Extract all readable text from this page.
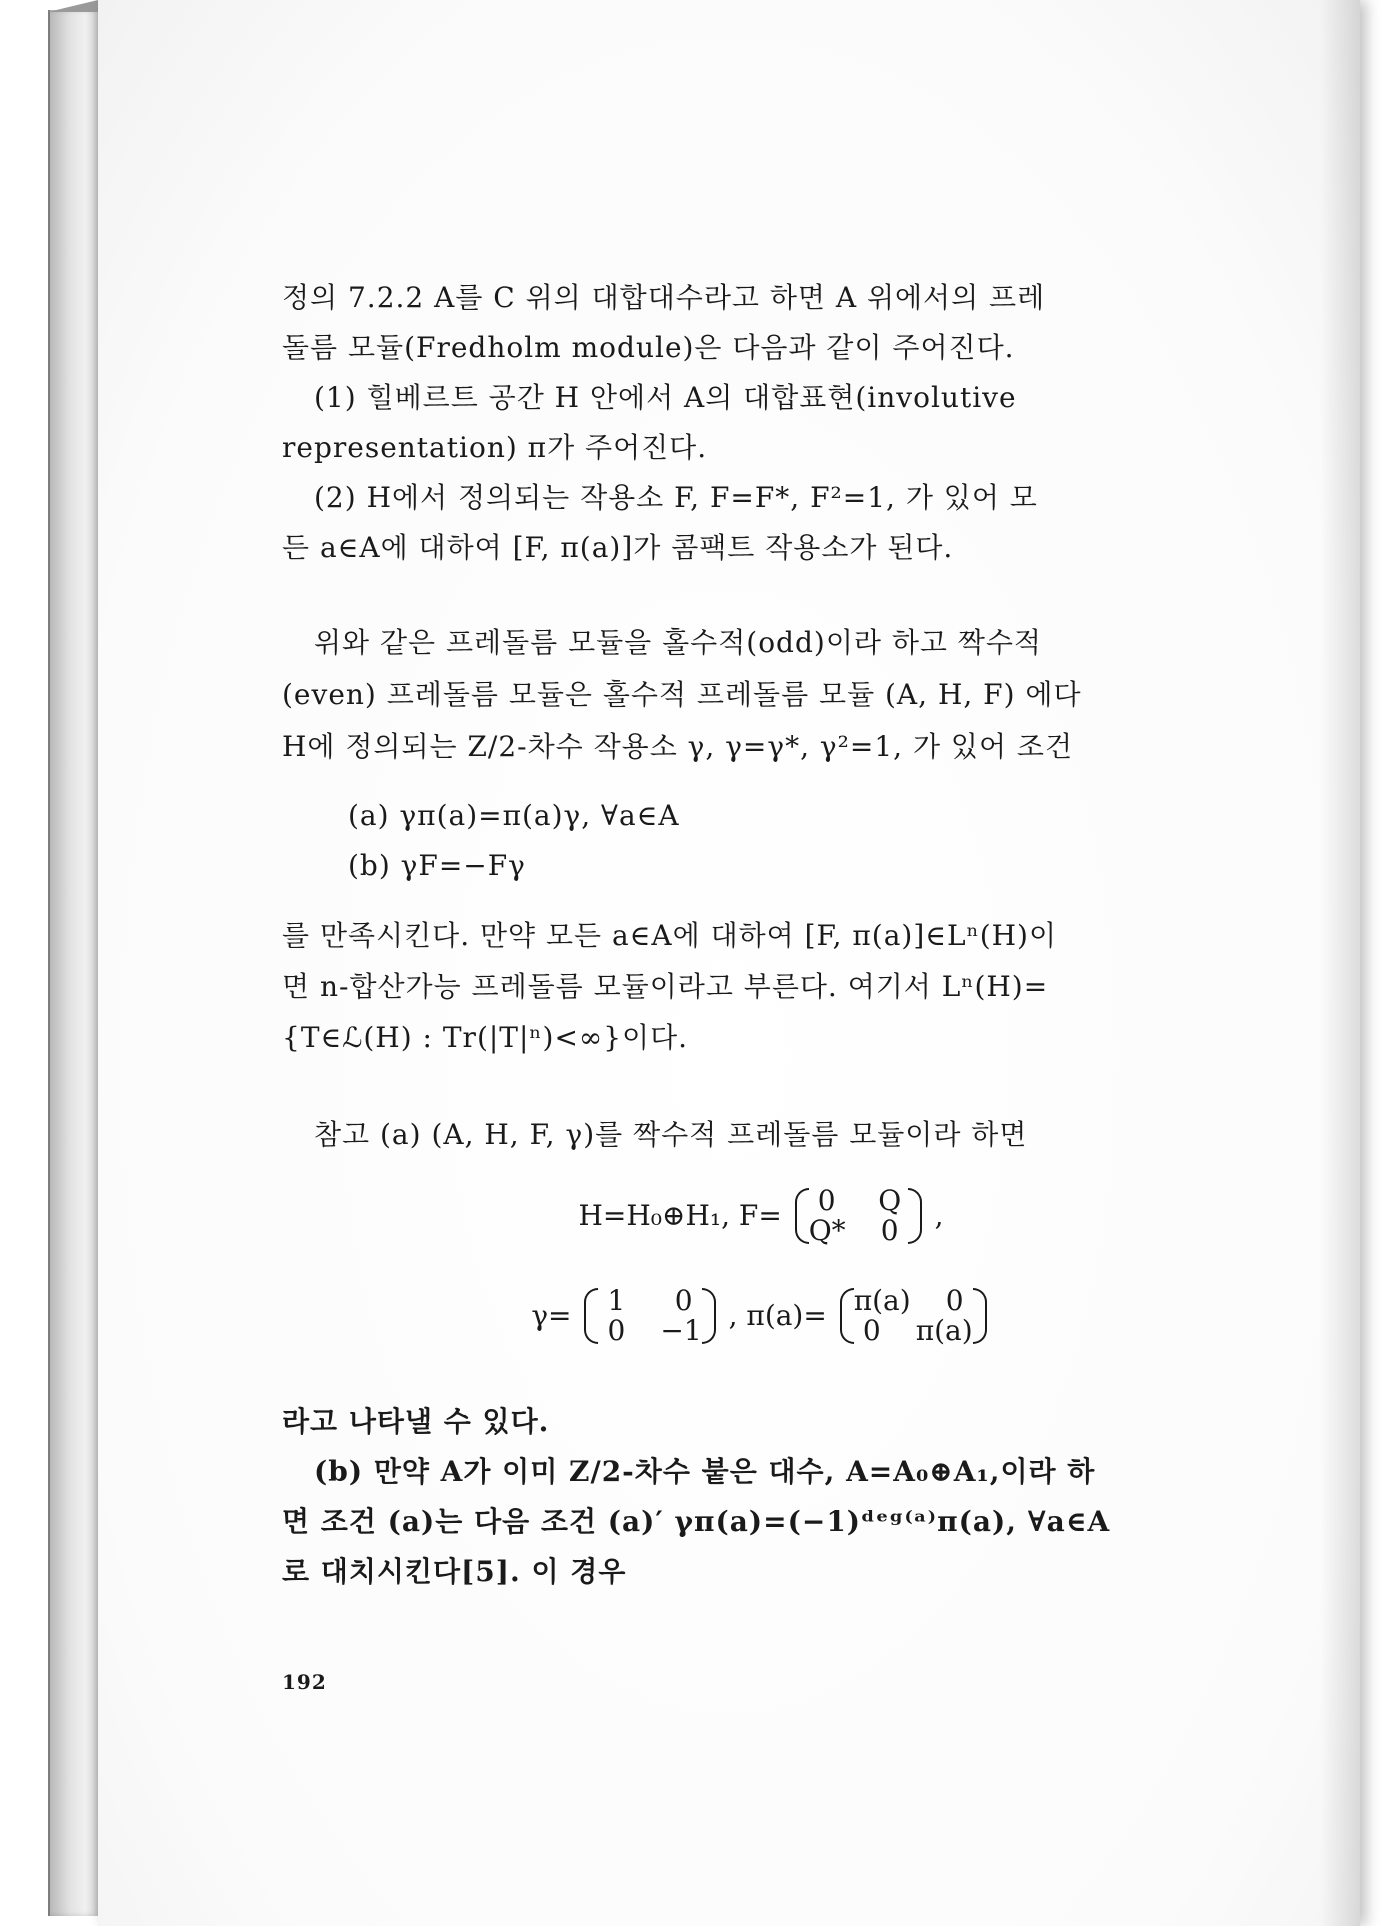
정의 7.2.2 A를 C 위의 대합대수라고 하면 A 위에서의 프레
돌름 모듈(Fredholm module)은 다음과 같이 주어진다.
(1) 힐베르트 공간 H 안에서 A의 대합표현(involutive
representation) π가 주어진다.
(2) H에서 정의되는 작용소 F, F=F*, F²=1, 가 있어 모
든 a∈A에 대하여 [F, π(a)]가 콤팩트 작용소가 된다.
위와 같은 프레돌름 모듈을 홀수적(odd)이라 하고 짝수적
(even) 프레돌름 모듈은 홀수적 프레돌름 모듈 (A, H, F) 에다
H에 정의되는 Z/2-차수 작용소 γ, γ=γ*, γ²=1, 가 있어 조건
(a) γπ(a)=π(a)γ, ∀a∈A
(b) γF=−Fγ
를 만족시킨다. 만약 모든 a∈A에 대하여 [F, π(a)]∈Lⁿ(H)이
면 n-합산가능 프레돌름 모듈이라고 부른다. 여기서 Lⁿ(H)=
{T∈ℒ(H) : Tr(|T|ⁿ)<∞}이다.
참고 (a) (A, H, F, γ)를 짝수적 프레돌름 모듈이라 하면
H=H₀⊕H₁, F=	0	Q
Q*	0	,
γ=	1	0
0	−1 , π(a)= π(a)	0
0	π(a)
라고 나타낼 수 있다.
(b) 만약 A가 이미 Z/2-차수 붙은 대수, A=A₀⊕A₁,이라 하
면 조건 (a)는 다음 조건 (a)′ γπ(a)=(−1)ᵈᵉᵍ⁽ᵃ⁾π(a), ∀a∈A
로 대치시킨다[5]. 이 경우
192
